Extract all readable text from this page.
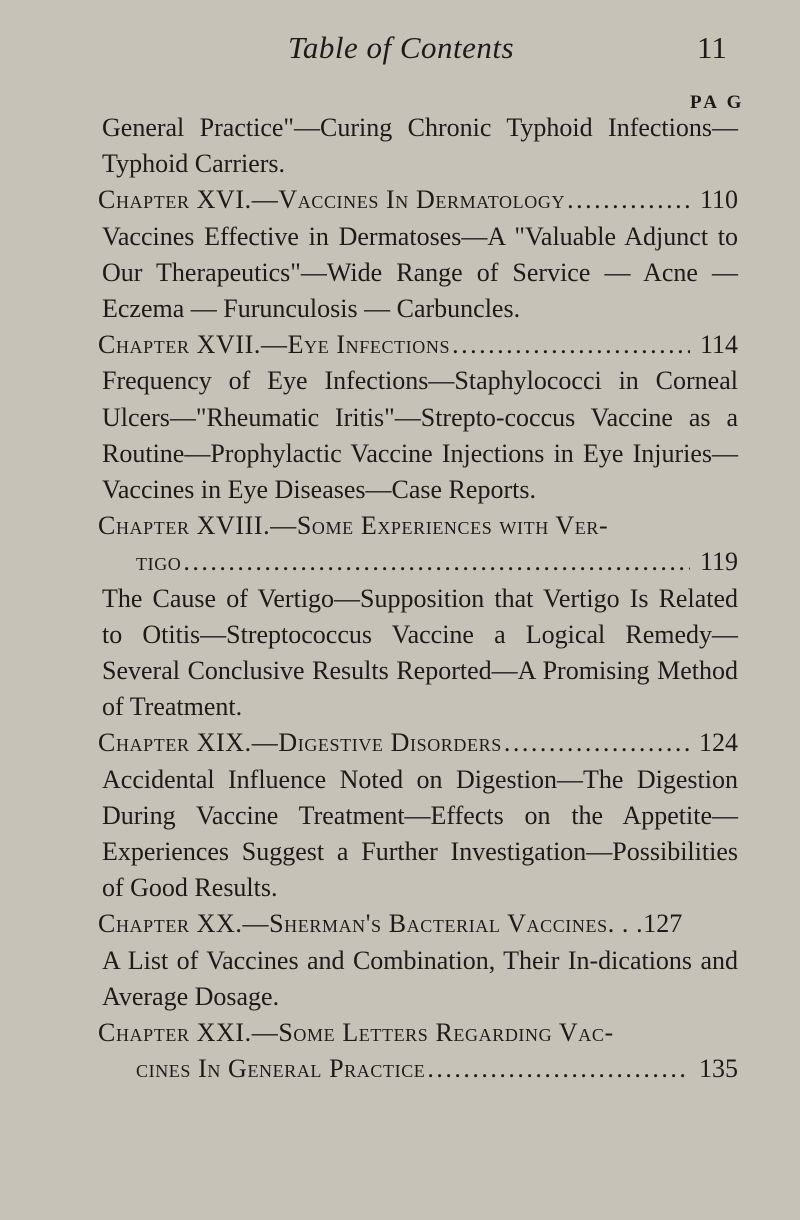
Table of Contents	11
PA G

General Practice"—Curing Chronic Typhoid Infections—Typhoid Carriers.

Chapter XVI.—Vaccines In Dermatology . . .	110

Vaccines Effective in Dermatoses—A "Valuable Adjunct to Our Therapeutics"—Wide Range of Service — Acne — Eczema — Furunculosis — Carbuncles.

Chapter XVII.—Eye Infections . . .	114

Frequency of Eye Infections—Staphylococci in Corneal Ulcers—"Rheumatic Iritis"—Strepto-coccus Vaccine as a Routine—Prophylactic Vaccine Injections in Eye Injuries—Vaccines in Eye Diseases—Case Reports.

Chapter XVIII.—Some Experiences with Ver-
tigo . . .	119

The Cause of Vertigo—Supposition that Vertigo Is Related to Otitis—Streptococcus Vaccine a Logical Remedy—Several Conclusive Results Reported—A Promising Method of Treatment.

Chapter XIX.—Digestive Disorders . . .	124

Accidental Influence Noted on Digestion—The Digestion During Vaccine Treatment—Effects on the Appetite—Experiences Suggest a Further Investigation—Possibilities of Good Results.

Chapter XX.—Sherman's Bacterial Vaccines. . . 127

A List of Vaccines and Combination, Their In-dications and Average Dosage.

Chapter XXI.—Some Letters Regarding Vac-
cines In General Practice . . .	135
